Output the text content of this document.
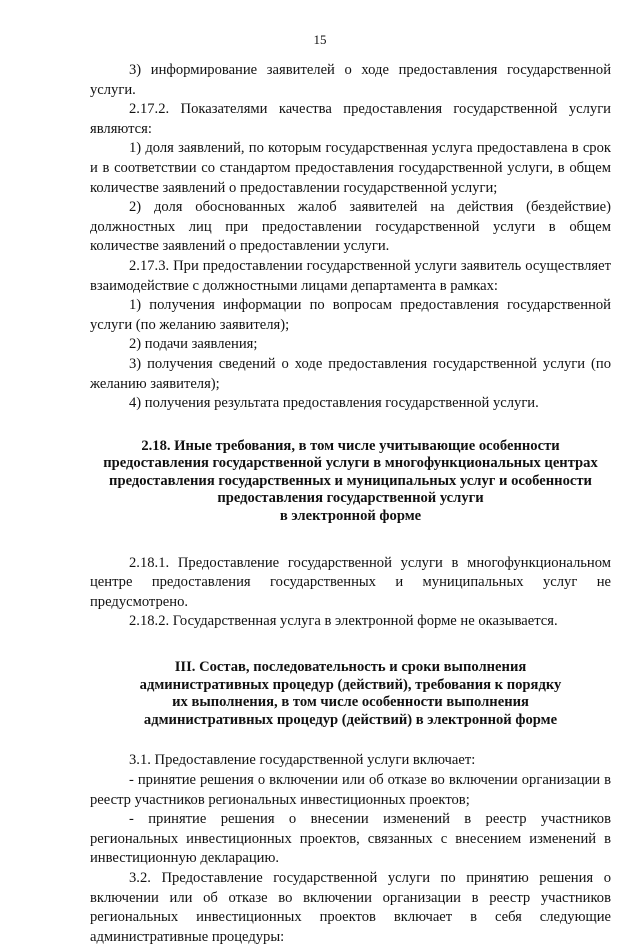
15

3) информирование заявителей о ходе предоставления государственной услуги.

2.17.2. Показателями качества предоставления государственной услуги являются:

1) доля заявлений, по которым государственная услуга предоставлена в срок и в соответствии со стандартом предоставления государственной услуги, в общем количестве заявлений о предоставлении государственной услуги;

2) доля обоснованных жалоб заявителей на действия (бездействие) должностных лиц при предоставлении государственной услуги в общем количестве заявлений о предоставлении услуги.

2.17.3. При предоставлении государственной услуги заявитель осуществляет взаимодействие с должностными лицами департамента в рамках:

1) получения информации по вопросам предоставления государственной услуги (по желанию заявителя);

2) подачи заявления;

3) получения сведений о ходе предоставления государственной услуги (по желанию заявителя);

4) получения результата предоставления государственной услуги.

2.18. Иные требования, в том числе учитывающие особенности
предоставления государственной услуги в многофункциональных центрах
предоставления государственных и муниципальных услуг и особенности
предоставления государственной услуги
в электронной форме

2.18.1. Предоставление государственной услуги в многофункциональном центре предоставления государственных и муниципальных услуг не предусмотрено.

2.18.2. Государственная услуга в электронной форме не оказывается.

III. Состав, последовательность и сроки выполнения
административных процедур (действий), требования к порядку
их выполнения, в том числе особенности выполнения
административных процедур (действий) в электронной форме

3.1. Предоставление государственной услуги включает:

- принятие решения о включении или об отказе во включении организации в реестр участников региональных инвестиционных проектов;

- принятие решения о внесении изменений в реестр участников региональных инвестиционных проектов, связанных с внесением изменений в инвестиционную декларацию.

3.2. Предоставление государственной услуги по принятию решения о включении или об отказе во включении организации в реестр участников региональных инвестиционных проектов включает в себя следующие административные процедуры:
